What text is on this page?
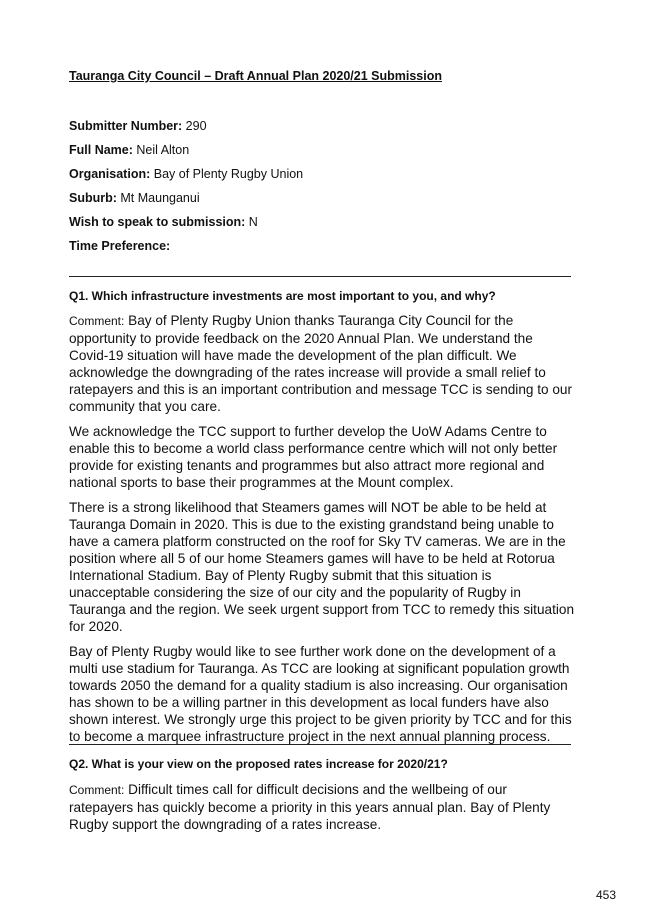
Tauranga City Council – Draft Annual Plan 2020/21 Submission
Submitter Number: 290
Full Name: Neil Alton
Organisation: Bay of Plenty Rugby Union
Suburb: Mt Maunganui
Wish to speak to submission: N
Time Preference:
Q1. Which infrastructure investments are most important to you, and why?

Comment: Bay of Plenty Rugby Union thanks Tauranga City Council for the opportunity to provide feedback on the 2020 Annual Plan. We understand the Covid-19 situation will have made the development of the plan difficult. We acknowledge the downgrading of the rates increase will provide a small relief to ratepayers and this is an important contribution and message TCC is sending to our community that you care.

We acknowledge the TCC support to further develop the UoW Adams Centre to enable this to become a world class performance centre which will not only better provide for existing tenants and programmes but also attract more regional and national sports to base their programmes at the Mount complex.

There is a strong likelihood that Steamers games will NOT be able to be held at Tauranga Domain in 2020. This is due to the existing grandstand being unable to have a camera platform constructed on the roof for Sky TV cameras. We are in the position where all 5 of our home Steamers games will have to be held at Rotorua International Stadium. Bay of Plenty Rugby submit that this situation is unacceptable considering the size of our city and the popularity of Rugby in Tauranga and the region. We seek urgent support from TCC to remedy this situation for 2020.

Bay of Plenty Rugby would like to see further work done on the development of a multi use stadium for Tauranga. As TCC are looking at significant population growth towards 2050 the demand for a quality stadium is also increasing. Our organisation has shown to be a willing partner in this development as local funders have also shown interest. We strongly urge this project to be given priority by TCC and for this to become a marquee infrastructure project in the next annual planning process.

Q2. What is your view on the proposed rates increase for 2020/21?

Comment: Difficult times call for difficult decisions and the wellbeing of our ratepayers has quickly become a priority in this years annual plan. Bay of Plenty Rugby support the downgrading of a rates increase.

453
